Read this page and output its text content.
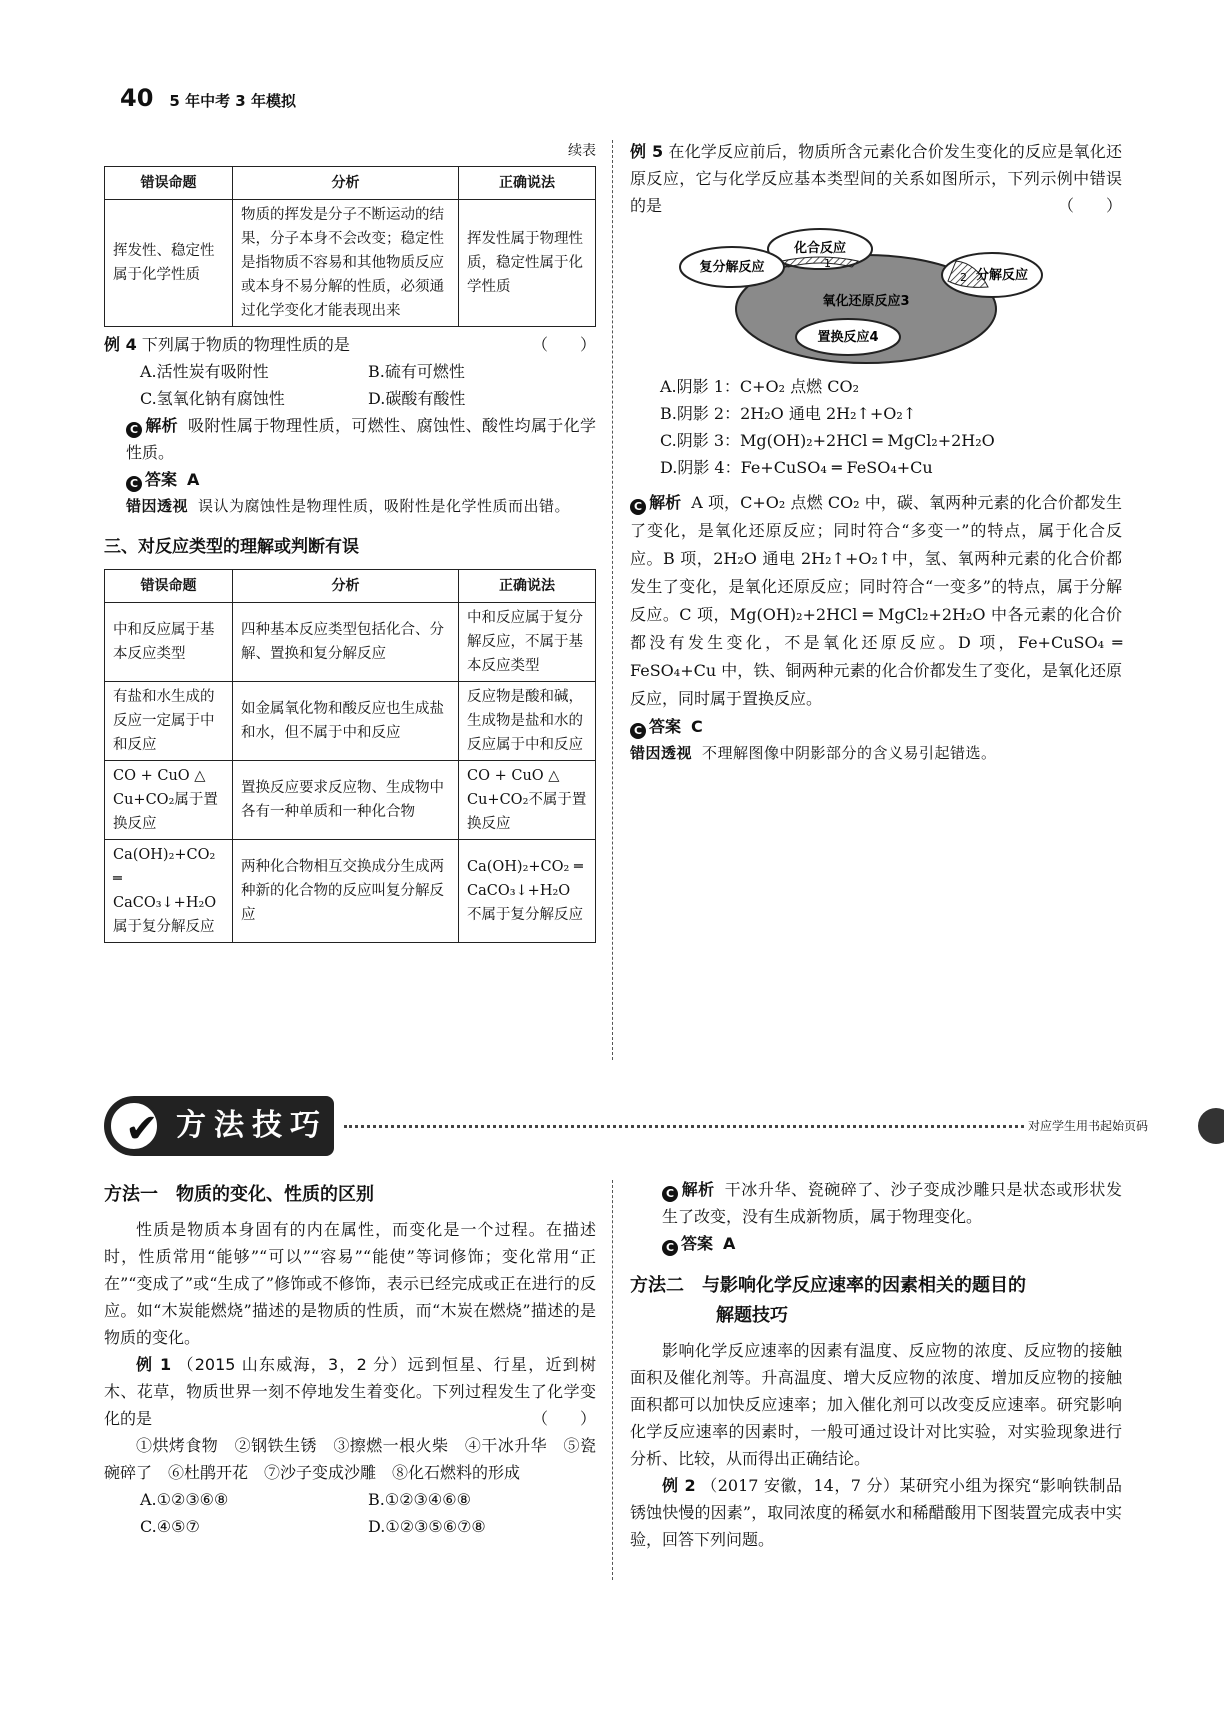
40 5 年中考 3 年模拟
续表
错误命题	分析	正确说法
挥发性、稳定性属于化学性质	物质的挥发是分子不断运动的结果，分子本身不会改变；稳定性是指物质不容易和其他物质反应或本身不易分解的性质，必须通过化学变化才能表现出来	挥发性属于物理性质，稳定性属于化学性质

例 4 下列属于物质的物理性质的是	（　　）

A.活性炭有吸附性	B.硫有可燃性
C.氢氧化钠有腐蚀性	D.碳酸有酸性

C 解析 吸附性属于物理性质，可燃性、腐蚀性、酸性均属于化学性质。

C 答案 A

错因透视 误认为腐蚀性是物理性质，吸附性是化学性质而出错。

三、对反应类型的理解或判断有误
错误命题	分析	正确说法
中和反应属于基本反应类型	四种基本反应类型包括化合、分解、置换和复分解反应	中和反应属于复分解反应，不属于基本反应类型
有盐和水生成的反应一定属于中和反应	如金属氧化物和酸反应也生成盐和水，但不属于中和反应	反应物是酸和碱，生成物是盐和水的反应属于中和反应
CO + CuO △ Cu+CO₂属于置换反应	置换反应要求反应物、生成物中各有一种单质和一种化合物	CO + CuO △ Cu+CO₂不属于置换反应
Ca(OH)₂+CO₂ ═ CaCO₃↓+H₂O 属于复分解反应	两种化合物相互交换成分生成两种新的化合物的反应叫复分解反应	Ca(OH)₂+CO₂ ═ CaCO₃↓+H₂O 不属于复分解反应

例 5 在化学反应前后，物质所含元素化合价发生变化的反应是氧化还原反应，它与化学反应基本类型间的关系如图所示，下列示例中错误的是	（　　）

化合反应
复分解反应
分解反应
氧化还原反应3
置换反应4
1
2

A.阴影 1：C+O₂ 点燃 CO₂

B.阴影 2：2H₂O 通电 2H₂↑+O₂↑

C.阴影 3：Mg(OH)₂+2HCl ═ MgCl₂+2H₂O

D.阴影 4：Fe+CuSO₄ ═ FeSO₄+Cu

C 解析 A 项，C+O₂ 点燃 CO₂ 中，碳、氧两种元素的化合价都发生了变化，是氧化还原反应；同时符合“多变一”的特点，属于化合反应。B 项，2H₂O 通电 2H₂↑+O₂↑中，氢、氧两种元素的化合价都发生了变化，是氧化还原反应；同时符合“一变多”的特点，属于分解反应。C 项，Mg(OH)₂+2HCl ═ MgCl₂+2H₂O 中各元素的化合价都没有发生变化，不是氧化还原反应。D 项，Fe+CuSO₄ ═ FeSO₄+Cu 中，铁、铜两种元素的化合价都发生了变化，是氧化还原反应，同时属于置换反应。

C 答案 C

错因透视 不理解图像中阴影部分的含义易引起错选。

✔ 方法技巧	对应学生用书起始页码
方法一　物质的变化、性质的区别

性质是物质本身固有的内在属性，而变化是一个过程。在描述时，性质常用“能够”“可以”“容易”“能使”等词修饰；变化常用“正在”“变成了”或“生成了”修饰或不修饰，表示已经完成或正在进行的反应。如“木炭能燃烧”描述的是物质的性质，而“木炭在燃烧”描述的是物质的变化。

例 1 （2015 山东威海，3，2 分）远到恒星、行星，近到树木、花草，物质世界一刻不停地发生着变化。下列过程发生了化学变化的是	（　　）

①烘烤食物　②钢铁生锈　③擦燃一根火柴　④干冰升华　⑤瓷碗碎了　⑥杜鹃开花　⑦沙子变成沙雕　⑧化石燃料的形成

A.①②③⑥⑧	B.①②③④⑥⑧
C.④⑤⑦	D.①②③⑤⑥⑦⑧

C 解析 干冰升华、瓷碗碎了、沙子变成沙雕只是状态或形状发生了改变，没有生成新物质，属于物理变化。

C 答案 A

方法二　与影响化学反应速率的因素相关的题目的
解题技巧

影响化学反应速率的因素有温度、反应物的浓度、反应物的接触面积及催化剂等。升高温度、增大反应物的浓度、增加反应物的接触面积都可以加快反应速率；加入催化剂可以改变反应速率。研究影响化学反应速率的因素时，一般可通过设计对比实验，对实验现象进行分析、比较，从而得出正确结论。

例 2 （2017 安徽，14，7 分）某研究小组为探究“影响铁制品锈蚀快慢的因素”，取同浓度的稀氨水和稀醋酸用下图装置完成表中实验，回答下列问题。
